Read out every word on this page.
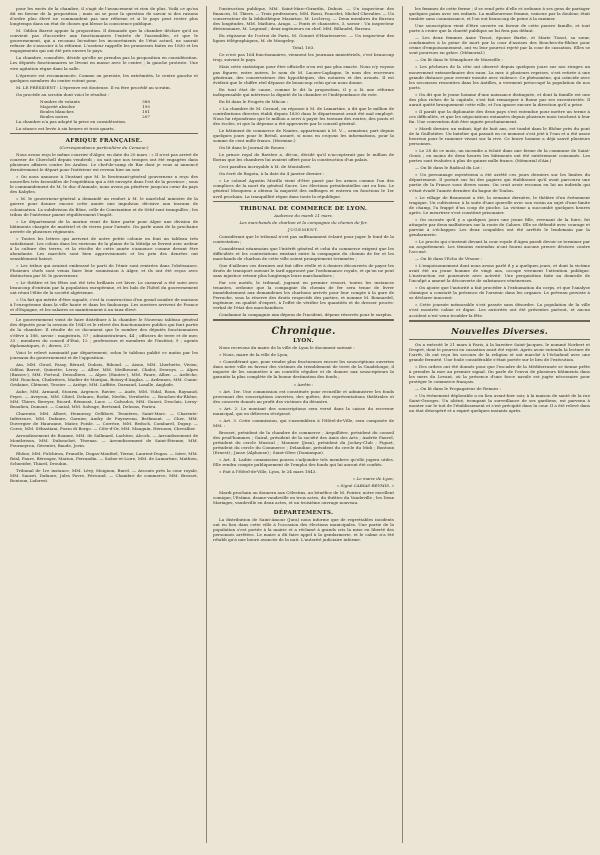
pour les excès de la chambre, il s'agit de l'avancement et rien de plus. Voilà ce qu'on dit en faveur de la proposition ; mais on se pose la question de savoir si des raisons d'ordre plus élevé ne commandent pas une réforme et si le pays peut rester plus longtemps dans un état de choses qui blesse la conscience publique.

M. Odilon Barrot appuie la proposition. Il demande que la chambre déclare qu'il ne convient pas d'accorder aux fonctionnaires l'entrée de l'assemblée, et que le gouvernement, qui a reconnu lui-même les inconvénients de l'état actuel, ne saurait refuser de s'associer à la réforme. L'orateur rappelle les promesses faites en 1830 et les engagements qui ont été pris envers le pays.

La chambre, consultée, décide qu'elle ne prendra pas la proposition en considération. Les députés fonctionnaires se lèvent en masse avec le centre ; la gauche proteste. Une vive agitation règne dans la salle.

L'épreuve est recommencée. Comme on persiste, les extrémités, le centre gauche et quelques membres du centre votent pour.

M. LE PRÉSIDENT : L'épreuve est douteuse. Il va être procédé au scrutin.

On procède au scrutin dont voici le résultat :

Nombre de votants	388
Majorité absolue	195
Boules blanches	181
Boules noires	207

La chambre n'a pas adopté la prise en considération.

La séance est levée à six heures et trois quarts.

AFRIQUE FRANÇAISE.
(Correspondance particulière du Censeur.)

Nous avons reçu le même courrier d'Alger, en date du 20 mars : « Il n'est pas arrivé de courrier de Cherchell depuis vendredi ; on sait que nos troupes ont été engagées dans plusieurs affaires contre les Arabes. Le chef-de-camp de Bar dont je vous ai annoncé dernièrement le départ pour l'intérieur est revenu hier au soir.

« On nous annonce à l'instant que M. le lieutenant-général gouverneur a reçu des nouvelles très favorables de l'expédition qui a été envoyée dans l'est de la province ; sous le commandement de M. le duc d'Aumale, nous avons pu pénétrer jusqu'au cœur du pays des Kabyles.

« M. le gouverneur-général a demandé un renfort à M. le maréchal ministre de la guerre pour donner encore cette année une impulsion décisive aux travaux de colonisation. La subdivision de Bône, celle de Constantine et de Sétif sont tranquilles ; les tribus de l'intérieur paient régulièrement l'impôt.

« Le département de la marine vient de faire partir pour Alger une division de bâtiments chargée de matériel et de vivres pour l'armée. On parle aussi de la prochaine arrivée de plusieurs régiments.

« Toutes les lettres qui arrivent de notre petite colonie en font un tableau très satisfaisant. Les colons dans les environs de la plaine de la Mitidja se livrent avec ardeur à la culture des terres, et la récolte de cette année s'annonce comme devant être abondante. Les marchés sont bien approvisionnés et les prix des denrées ont sensiblement baissé.

« Les tribus qui avaient embrassé le parti de l'émir sont rentrées dans l'obéissance. Plusieurs chefs sont venus faire leur soumission à Alger, et ils ont été reçus avec distinction par M. le gouverneur.

« Le théâtre et les fêtes ont été très brillants cet hiver. Le carnaval a été suivi avec beaucoup d'entrain par la population européenne, et les bals de l'hôtel du gouvernement ont réuni l'élite de la société algérienne.

« Un fait qui mérite d'être signalé, c'est la construction d'un grand nombre de maisons à l'européenne dans la ville haute et dans les faubourgs. Les ouvriers arrivent de France et d'Espagne, et les salaires se maintiennent à un taux élevé.

Le gouvernement vient de faire distribuer à la chambre le Nouveau tableau général des députés pour la session de 1843 et le relevé des fonctionnaires publics qui font partie de la chambre. Il résulte de ce document que le nombre des députés fonctionnaires s'élève à 188, savoir : magistrats, 57 ; administrateurs, 44 ; officiers de terre et de mer, 33 ; membres du conseil d'État, 12 ; professeurs et membres de l'Institut, 9 ; agents diplomatiques, 6 ; divers, 27.

Voici le relevé nominatif par département, selon le tableau publié ce matin par les journaux du gouvernement et de l'opposition.

Ain, MM. Girod, Passy, Bérard, Dubois, Riboud. — Aisne, MM. Lherbette, Vivien, Odilon Barrot, Quinette, Leroy. — Allier, MM. Meilheurat, Chalot, Desroys. — Alpes (Basses-), MM. Fortoul, Dessolliers. — Alpes (Hautes-), MM. Faure, Allier. — Ardèche, MM. Rouchon, Chabrières, Madier de Montjau, Boissy-d'Anglas. — Ardennes, MM. Cunin-Gridaine, Clément, Tessier. — Ariège, MM. Laffitte, Darnaud, Lasalle, Anglade.

Aube, MM. Armand, Stourm, Argence, Ravier. — Aude, MM. Vidal, Roux, Raynaud, Peyre. — Aveyron, MM. Cibiel, Delauro, Rodat, Merlin, Vernhette. — Bouches-du-Rhône, MM. Thiers, Berryer, Ricard, Rémusat, Luce. — Calvados, MM. Guizot, Desclais, Leroy-Beaulieu, Dumont. — Cantal, MM. Salvage, Bertrand, Delzons, Parieu.

Charente, MM. Albert, Hennessy, Gellibert, Tesnières, Saint-Marc. — Charente-Inférieure, MM. Dufaure, Garnier, Audry de Puyraveau, Bethmont. — Cher, MM. Duvergier de Hauranne, Mater, Poisle. — Corrèze, MM. Bedoch, Combarel, Dupuy. — Corse, MM. Sébastiani, Pozzo di Borgo. — Côte-d'Or, MM. Mauguin, Hernoux, Chevallier.

Arrondissement de Roanne, MM. de Sallmard, Lachèze, Alcock. — Arrondissement de Montbrison, MM. Dubouchet, Tézenas. — Arrondissement de Saint-Étienne, MM. Fourneyron, Gérentet, Baude, Jovin.

Rhône, MM. Fulchiron, Prunelle, Dugas-Montbel, Terme, Laurent-Dugas. — Isère, MM. Réal, Faure, Bérenger, Marion, Ferrandin. — Saône-et-Loire, MM. de Lamartine, Mathieu, Schneider, Thiard, Drouhin.

Tribunal de 1re instance, MM. Lévy, Moignon, Burel. — Avocats près la cour royale, MM. Sauzet, Dufaure, Jules Favre, Péricaud. — Chambre de commerce, MM. Brosset, Bontoux, Laforest.

l'instruction publique, MM. Saint-Marc-Girardin, Dubois. — Un inspecteur des finances, M. Thiers. — Trois professeurs, MM. Rossi, Poncelet, Michel Chevalier. — Un conservateur de la bibliothèque Mazarine, M. Leclercq. — Deux membres du Bureau des longitudes, MM. Mathieu, Arago. — Ponts et chaussées, 3, savoir : Un inspecteur divisionnaire, M. Legrand ; deux ingénieurs en chef, MM. Billaudel, Bureau.

En régisseur de l'octroi de Paris, M. Gonnet d'Hautesserve. — Un inspecteur des lignes télégraphiques, M. de Mongeley.

Total, 163.

Ce n'est pas 164 fonctionnaires, viennent les journaux ministériels, c'est beaucoup trop, suivant le pays.

Mais cette statistique pour être officielle n'en est pas plus exacte. Nous n'y voyons pas figurer, entre autres, le nom de M. Lacave-Laplagne, le nom des receveurs généraux, des conservateurs des hypothèques, des notaires et des avoués. Il est évident que le chiffre réel dépasse de beaucoup celui qu'on nous donne.

En tout état de cause, comme le dit la proposition, il y a là une réforme indispensable qui intéresse la dignité de la chambre et l'indépendance du vote.

En lit dans le Progrès de Mâcon :

« La chambre de M. Cavaud, en réponse à M. de Lamartine, a dit que le million de contributions directes établi depuis 1830 dans le département avait été mal employé. Nous lui répondrons que le million a servi à payer les travaux des routes, des ponts et des écoles, et que la dépense a été approuvée par le conseil général.

Le bâtiment de commerce de Nantes, appartenant à M. V..., armateur, part depuis quelques jours pour le Brésil, assuré, si nous en croyons les informations, pour la somme de cent mille francs. (Hermine.)

On lit dans le Journal de Rouen :

Le prince royal de Bavière a, dit-on, décidé qu'il n'accepterait pas le million de florins que les chambres lui avaient offert pour la construction d'un palais.

Ceci paraîtra incroyable à M. de Montalivet.

On écrit de Bogota, à la date du 4 janvier dernier :

« Le colonel Agustin Morillo vient d'être passé par les armes comme l'un des complices de la mort du général Sucre. Les élections présidentielles ont eu lieu. Le général Mosquera a obtenu la majorité des suffrages et entrera en fonctions le 1er avril prochain. La tranquillité règne dans toute la république.

TRIBUNAL DE COMMERCE DE LYON.
Audience du mardi 21 mars.
Les marchands de charbon et la compagnie du chemin de fer.
JUGEMENT.

Considérant que le tribunal n'est pas suffisamment éclairé pour juger le fond de la contestation ;

Considérant néanmoins que l'intérêt général et celui du commerce exigent que les difficultés et les contestations existant entre la compagnie du chemin de fer et les marchands de charbon de cette ville soient promptement terminées ;

Que d'ailleurs ces derniers ont fait offre réelle et à deniers découverts de payer les droits de transport suivant le tarif approuvé par l'ordonnance royale, et qu'on ne peut sans injustice retenir plus longtemps leurs marchandises ;

Par ces motifs, le tribunal, jugeant en premier ressort, toutes les instances tenantes, ordonne que la compagnie du chemin de fer sera tenue de livrer immédiatement aux demandeurs les charbons arrivés pour leur compte à la gare de Perrache, sous la réserve des droits respectifs des parties, et nomme M. Bonnardel, ingénieur, en qualité d'expert, à l'effet de vérifier les quantités et de dresser procès-verbal de l'état des marchandises.

Condamne la compagnie aux dépens de l'incident, dépens réservés pour le surplus.

Chronique.
LYON.

Nous recevons du maire de la ville de Lyon le document suivant :

« Nous, maire de la ville de Lyon,

« Considérant que, pour rendre plus fructueuses encore les souscriptions ouvertes dans notre ville en faveur des victimes du tremblement de terre de la Guadeloupe, il importe de les soumettre à un contrôle régulier et de donner aux souscripteurs la garantie la plus complète de la bonne destination des fonds ;

« Arrête :

« Art. 1er. Une commission est constituée pour recueillir et administrer les fonds provenant des souscriptions ouvertes, des quêtes, des représentations théâtrales et des concerts donnés au profit des victimes du désastre.

« Art. 2. Le montant des souscriptions sera versé dans la caisse du receveur municipal, qui en délivrera récépissé.

« Art. 3. Cette commission, qui s'assemblera à l'Hôtel-de-Ville, sera composée de MM. :

Brosset, président de la chambre de commerce ; Arquillière, président du conseil des prud'hommes ; Gairal, président de la société des Amis des Arts ; Andrée Fauvel, président du cercle Musical ; Monnier (Jean), président du Jockey-Club ; Piguet, président du cercle du Commerce ; Delandine, président du cercle du Midi ; Bontoux (Ernest) ; Janse (Alphonse) ; Saint-Olive (Dominique).

« Art. 4. Ladite commission pourra s'adjoindre tels membres qu'elle jugera utiles. Elle rendra compte publiquement de l'emploi des fonds qui lui auront été confiés.

« Fait à l'Hôtel-de-Ville, Lyon, le 24 mars 1843.

« Le maire de Lyon,

« Signé CABIAS-REYMIS. »

Mardi prochain on donnera aux Célestins, au bénéfice de M. Poirier, notre excellent comique, l'Estime, drame-vaudeville en trois actes, du théâtre du Vaudeville ; les Deux Mariages, vaudeville en deux actes, et un troisième ouvrage nouveau.

DÉPARTEMENTS.

La distribution de Saint-Amour (Jura) nous informe que de regrettables incidents ont eu lieu dans cette ville à l'occasion des élections municipales. Une partie de la population s'est portée à la mairie et a réclamé à grands cris la mise en liberté des personnes arrêtées. Le maire a dû faire appel à la gendarmerie, et le calme n'a été rétabli qu'à une heure avancée de la nuit. L'autorité judiciaire informe.

les femmes de cette ferme ; il se rend près d'elle et ordonne à ses gens de partager quelques pains avec ses enfants. La malheureuse femme, vaincue par la douleur, était tombée sans connaissance, et l'on eut beaucoup de peine à la ranimer.

Une souscription vient d'être ouverte en faveur de cette pauvre famille, et tout porte à croire que la charité publique ne lui fera pas défaut.

— Les deux femmes Anne Tissot, épouse Barbe, et Marie Tissot, sa sœur, condamnées à la peine de mort par la cour d'assises des Bouches-du-Rhône pour crime d'empoisonnement, ont vu leur pourvoi rejeté par la cour de cassation. Elles se sont pourvues en grâce. (Mémorial.)

— On lit dans le Sémaphore de Marseille :

« Les pêcheurs de la côte ont observé depuis quelques jours sur nos rivages un mouvement extraordinaire des eaux. La mer, à plusieurs reprises, s'est retirée à une grande distance pour revenir ensuite avec violence. Ce phénomène, qui coïncide avec les secousses ressenties dans les Antilles, a vivement préoccupé la population de nos ports.

« On dit que le jeune homme d'une naissance distinguée, et dont la famille est une des plus riches de la capitale, s'est fait remarquer à Rome par ses excentricités. Il aurait quitté brusquement cette ville, et l'on ignore encore la direction qu'il a prise.

« Il paraît que la diplomatie des deux pays s'est entendue pour mettre un terme à ces difficultés, et que les négociations entamées depuis plusieurs mois touchent à leur fin. Une convention doit être signée prochainement.

« Mardi dernier, un enfant, âgé de huit ans, est tombé dans le Rhône près du pont de la Guillotière. Un batelier qui passait en ce moment s'est jeté à l'eau et a été assez heureux pour le ramener vivant sur la rive. Ce brave homme a déjà sauvé plusieurs personnes.

« Le 28 de ce mois, un incendie a éclaté dans une ferme de la commune de Saint-Genis ; en moins de deux heures les bâtiments ont été entièrement consumés. Les pertes sont évaluées à plus de quinze mille francs. (Mémorial d'Aix.)

— On lit dans le Radical du Lot :

« Un personnage mystérieux a été arrêté ces jours derniers sur les limites du département. Il portait sur lui des papiers qui établissent qu'il avait parcouru une partie de la France sous divers noms. On croit avoir reconnu en lui un individu qui s'était évadé l'année dernière du bagne de Toulon.

« Le village de Beaumont a été, la semaine dernière, le théâtre d'un événement tragique. Un cultivateur, à la suite d'une querelle avec son voisin au sujet d'une limite de champ, l'a frappé d'un coup de pioche. La victime a succombé quelques heures après. Le meurtrier s'est constitué prisonnier.

« On raconte qu'il y a quelques jours une jeune fille, revenant de la foire, fut attaquée par deux malfaiteurs sur la route de Cahors. Elle se défendit avec courage et parvint à s'échapper. Les deux coupables ont été arrêtés le lendemain par la gendarmerie.

« Le procès qui s'instruit devant la cour royale d'Agen paraît devoir se terminer par un acquittement. Les témoins entendus n'ont fourni aucune preuve décisive contre l'accusé.

— On lit dans l'Echo de Vésone :

« L'empoisonnement dont nous avons parlé il y a quelques jours, et dont la victime avait été un jeune homme de vingt ans, occupe vivement l'attention publique. L'instruction est poursuivie avec activité. Une perquisition faite au domicile de l'inculpé a amené la découverte de substances vénéneuses.

« On ajoute que l'autorité a fait procéder à l'exhumation du corps, et que l'analyse chimique a constaté la présence de l'arsenic dans les organes. Le prévenu persiste à se déclarer innocent.

« Cette journée mémorable s'est passée sans désordre. La population de la ville s'est montrée calme et digne. Les autorités ont été présentes partout, et aucun accident n'est venu troubler la fête.

Nouvelles Diverses.

On a exécuté le 21 mars à Paris, à la barrière Saint-Jacques, le nommé Norbert et Despré, dont le pourvoi en cassation avait été rejeté. Après avoir entendu la lecture de l'arrêt, ils ont reçu les secours de la religion et ont marché à l'échafaud avec une grande fermeté. Une foule considérable s'était portée sur le lieu de l'exécution.

« Des ordres ont été donnés pour que l'escadre de la Méditerranée se tienne prête à prendre la mer au premier signal. On parle de l'envoi de plusieurs bâtiments dans les mers du Levant, où la présence d'une force navale est jugée nécessaire pour protéger le commerce français.

— On lit dans le Propagateur de Rennes :

« Un événement déplorable a eu lieu avant-hier soir, à la maison de santé de la rue Saint-Georges. Un aliéné, trompant la surveillance de ses gardiens, est parvenu à monter sur le toit de l'établissement et s'est précipité dans la cour. Il a été relevé dans un état désespéré et a expiré quelques instants après.
